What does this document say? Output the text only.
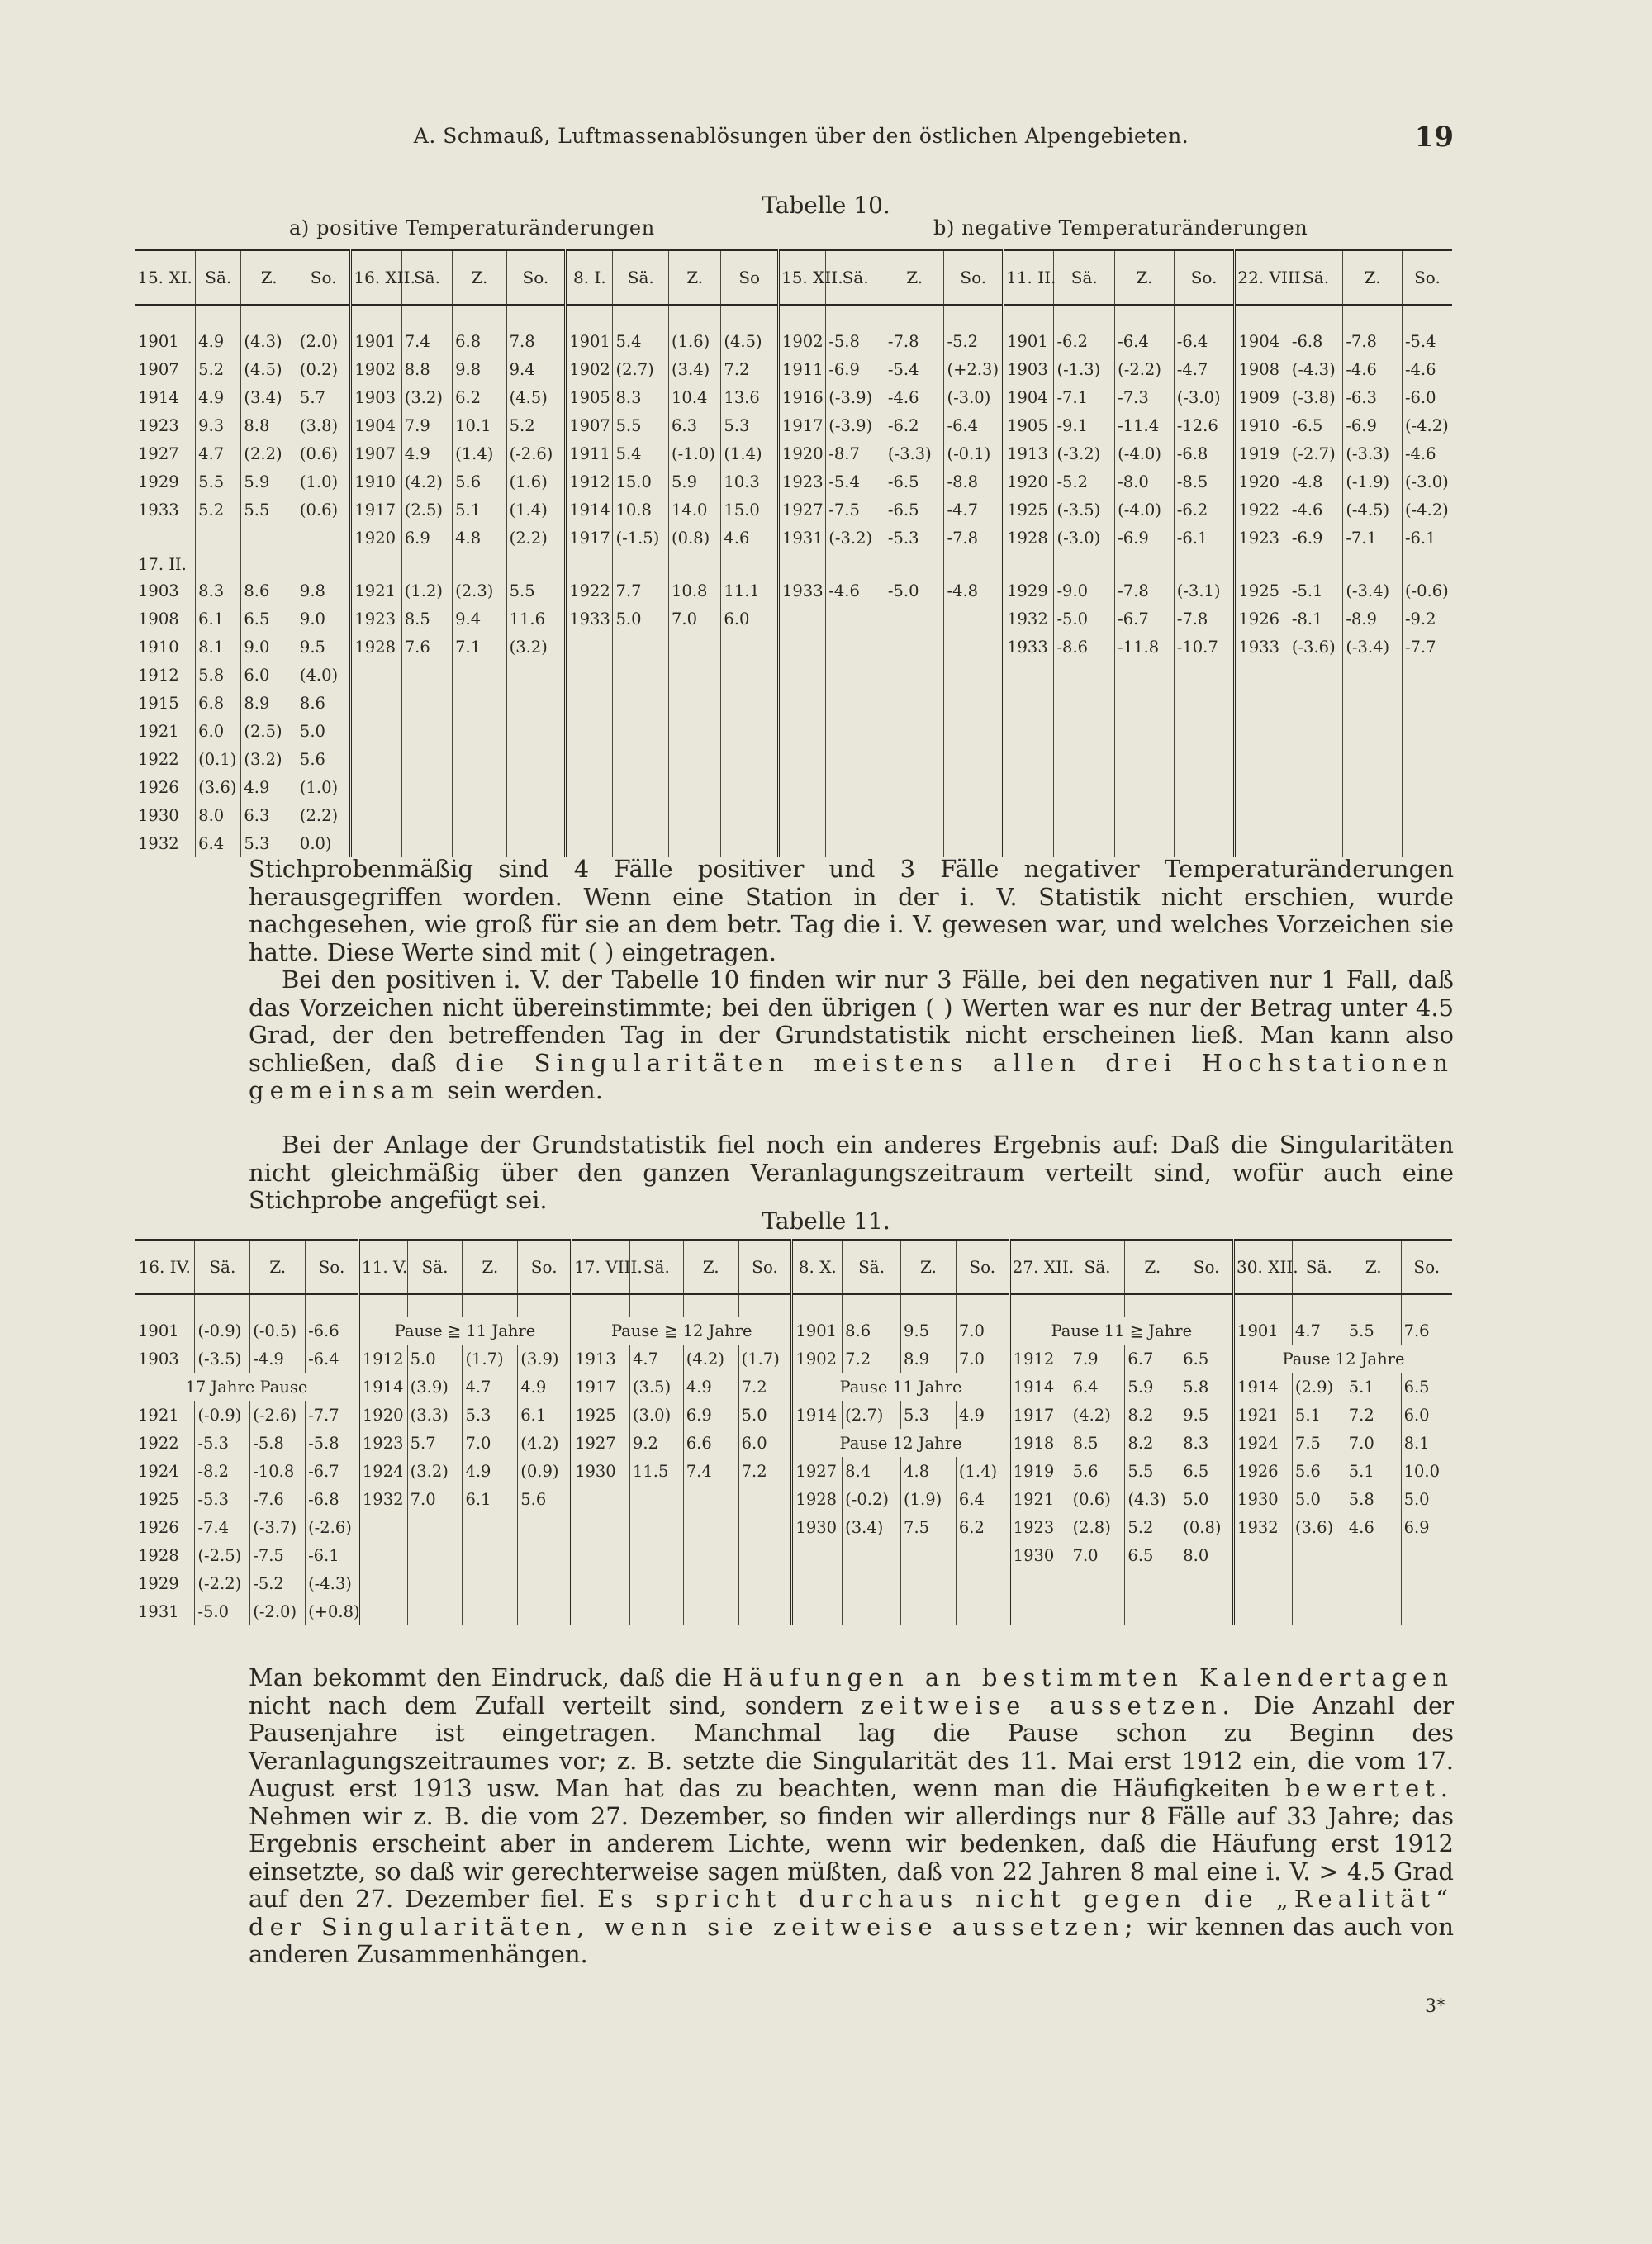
A. Schmauß, Luftmassenablösungen über den östlichen Alpengebieten.	19
Tabelle 10.
a) positive Temperaturänderungen	b) negative Temperaturänderungen
15. XI.	Sä.	Z.	So.	16. XII.	Sä.	Z.	So.	8. I.	Sä.	Z.	So	15. XII.	Sä.	Z.	So.	11. II.	Sä.	Z.	So.	22. VIII.	Sä.	Z.	So.

1901	4.9	(4.3)	(2.0)	1901	7.4	6.8	7.8	1901	5.4	(1.6)	(4.5)	1902	-5.8	-7.8	-5.2	1901	-6.2	-6.4	-6.4	1904	-6.8	-7.8	-5.4
1907	5.2	(4.5)	(0.2)	1902	8.8	9.8	9.4	1902	(2.7)	(3.4)	7.2	1911	-6.9	-5.4	(+2.3)	1903	(-1.3)	(-2.2)	-4.7	1908	(-4.3)	-4.6	-4.6
1914	4.9	(3.4)	5.7	1903	(3.2)	6.2	(4.5)	1905	8.3	10.4	13.6	1916	(-3.9)	-4.6	(-3.0)	1904	-7.1	-7.3	(-3.0)	1909	(-3.8)	-6.3	-6.0
1923	9.3	8.8	(3.8)	1904	7.9	10.1	5.2	1907	5.5	6.3	5.3	1917	(-3.9)	-6.2	-6.4	1905	-9.1	-11.4	-12.6	1910	-6.5	-6.9	(-4.2)
1927	4.7	(2.2)	(0.6)	1907	4.9	(1.4)	(-2.6)	1911	5.4	(-1.0)	(1.4)	1920	-8.7	(-3.3)	(-0.1)	1913	(-3.2)	(-4.0)	-6.8	1919	(-2.7)	(-3.3)	-4.6
1929	5.5	5.9	(1.0)	1910	(4.2)	5.6	(1.6)	1912	15.0	5.9	10.3	1923	-5.4	-6.5	-8.8	1920	-5.2	-8.0	-8.5	1920	-4.8	(-1.9)	(-3.0)
1933	5.2	5.5	(0.6)	1917	(2.5)	5.1	(1.4)	1914	10.8	14.0	15.0	1927	-7.5	-6.5	-4.7	1925	(-3.5)	(-4.0)	-6.2	1922	-4.6	(-4.5)	(-4.2)
				1920	6.9	4.8	(2.2)	1917	(-1.5)	(0.8)	4.6	1931	(-3.2)	-5.3	-7.8	1928	(-3.0)	-6.9	-6.1	1923	-6.9	-7.1	-6.1
17. II.																							
1903	8.3	8.6	9.8	1921	(1.2)	(2.3)	5.5	1922	7.7	10.8	11.1	1933	-4.6	-5.0	-4.8	1929	-9.0	-7.8	(-3.1)	1925	-5.1	(-3.4)	(-0.6)
1908	6.1	6.5	9.0	1923	8.5	9.4	11.6	1933	5.0	7.0	6.0					1932	-5.0	-6.7	-7.8	1926	-8.1	-8.9	-9.2
1910	8.1	9.0	9.5	1928	7.6	7.1	(3.2)									1933	-8.6	-11.8	-10.7	1933	(-3.6)	(-3.4)	-7.7
1912	5.8	6.0	(4.0)																				
1915	6.8	8.9	8.6																				
1921	6.0	(2.5)	5.0																				
1922	(0.1)	(3.2)	5.6																				
1926	(3.6)	4.9	(1.0)																				
1930	8.0	6.3	(2.2)																				
1932	6.4	5.3	0.0)																				
Stichprobenmäßig sind 4 Fälle positiver und 3 Fälle negativer Temperaturänderungen herausgegriffen worden. Wenn eine Station in der i. V. Statistik nicht erschien, wurde nachgesehen, wie groß für sie an dem betr. Tag die i. V. gewesen war, und welches Vorzeichen sie hatte. Diese Werte sind mit ( ) eingetragen.
Bei den positiven i. V. der Tabelle 10 finden wir nur 3 Fälle, bei den negativen nur 1 Fall, daß das Vorzeichen nicht übereinstimmte; bei den übrigen ( ) Werten war es nur der Betrag unter 4.5 Grad, der den betreffenden Tag in der Grundstatistik nicht erscheinen ließ. Man kann also schließen, daß die Singularitäten meistens allen drei Hochstationen gemeinsam sein werden.
Bei der Anlage der Grundstatistik fiel noch ein anderes Ergebnis auf: Daß die Singularitäten nicht gleichmäßig über den ganzen Veranlagungszeitraum verteilt sind, wofür auch eine Stichprobe angefügt sei.
Tabelle 11.
16. IV.	Sä.	Z.	So.	11. V.	Sä.	Z.	So.	17. VIII.	Sä.	Z.	So.	8. X.	Sä.	Z.	So.	27. XII.	Sä.	Z.	So.	30. XII.	Sä.	Z.	So.

1901	(-0.9)	(-0.5)	-6.6	Pause ≧ 11 Jahre				Pause ≧ 12 Jahre				1901	8.6	9.5	7.0	Pause 11 ≧ Jahre				1901	4.7	5.5	7.6
1903	(-3.5)	-4.9	-6.4	1912	5.0	(1.7)	(3.9)	1913	4.7	(4.2)	(1.7)	1902	7.2	8.9	7.0	1912	7.9	6.7	6.5	Pause 12 Jahre			
17 Jahre Pause				1914	(3.9)	4.7	4.9	1917	(3.5)	4.9	7.2	Pause 11 Jahre				1914	6.4	5.9	5.8	1914	(2.9)	5.1	6.5
1921	(-0.9)	(-2.6)	-7.7	1920	(3.3)	5.3	6.1	1925	(3.0)	6.9	5.0	1914	(2.7)	5.3	4.9	1917	(4.2)	8.2	9.5	1921	5.1	7.2	6.0
1922	-5.3	-5.8	-5.8	1923	5.7	7.0	(4.2)	1927	9.2	6.6	6.0	Pause 12 Jahre				1918	8.5	8.2	8.3	1924	7.5	7.0	8.1
1924	-8.2	-10.8	-6.7	1924	(3.2)	4.9	(0.9)	1930	11.5	7.4	7.2	1927	8.4	4.8	(1.4)	1919	5.6	5.5	6.5	1926	5.6	5.1	10.0
1925	-5.3	-7.6	-6.8	1932	7.0	6.1	5.6					1928	(-0.2)	(1.9)	6.4	1921	(0.6)	(4.3)	5.0	1930	5.0	5.8	5.0
1926	-7.4	(-3.7)	(-2.6)									1930	(3.4)	7.5	6.2	1923	(2.8)	5.2	(0.8)	1932	(3.6)	4.6	6.9
1928	(-2.5)	-7.5	-6.1													1930	7.0	6.5	8.0				
1929	(-2.2)	-5.2	(-4.3)																				
1931	-5.0	(-2.0)	(+0.8)																				
Man bekommt den Eindruck, daß die Häufungen an bestimmten Kalendertagen nicht nach dem Zufall verteilt sind, sondern zeitweise aussetzen. Die Anzahl der Pausenjahre ist eingetragen. Manchmal lag die Pause schon zu Beginn des Veranlagungszeitraumes vor; z. B. setzte die Singularität des 11. Mai erst 1912 ein, die vom 17. August erst 1913 usw. Man hat das zu beachten, wenn man die Häufigkeiten bewertet. Nehmen wir z. B. die vom 27. Dezember, so finden wir allerdings nur 8 Fälle auf 33 Jahre; das Ergebnis erscheint aber in anderem Lichte, wenn wir bedenken, daß die Häufung erst 1912 einsetzte, so daß wir gerechterweise sagen müßten, daß von 22 Jahren 8 mal eine i. V. > 4.5 Grad auf den 27. Dezember fiel. Es spricht durchaus nicht gegen die „Realität“ der Singularitäten, wenn sie zeitweise aussetzen; wir kennen das auch von anderen Zusammenhängen.
3*
